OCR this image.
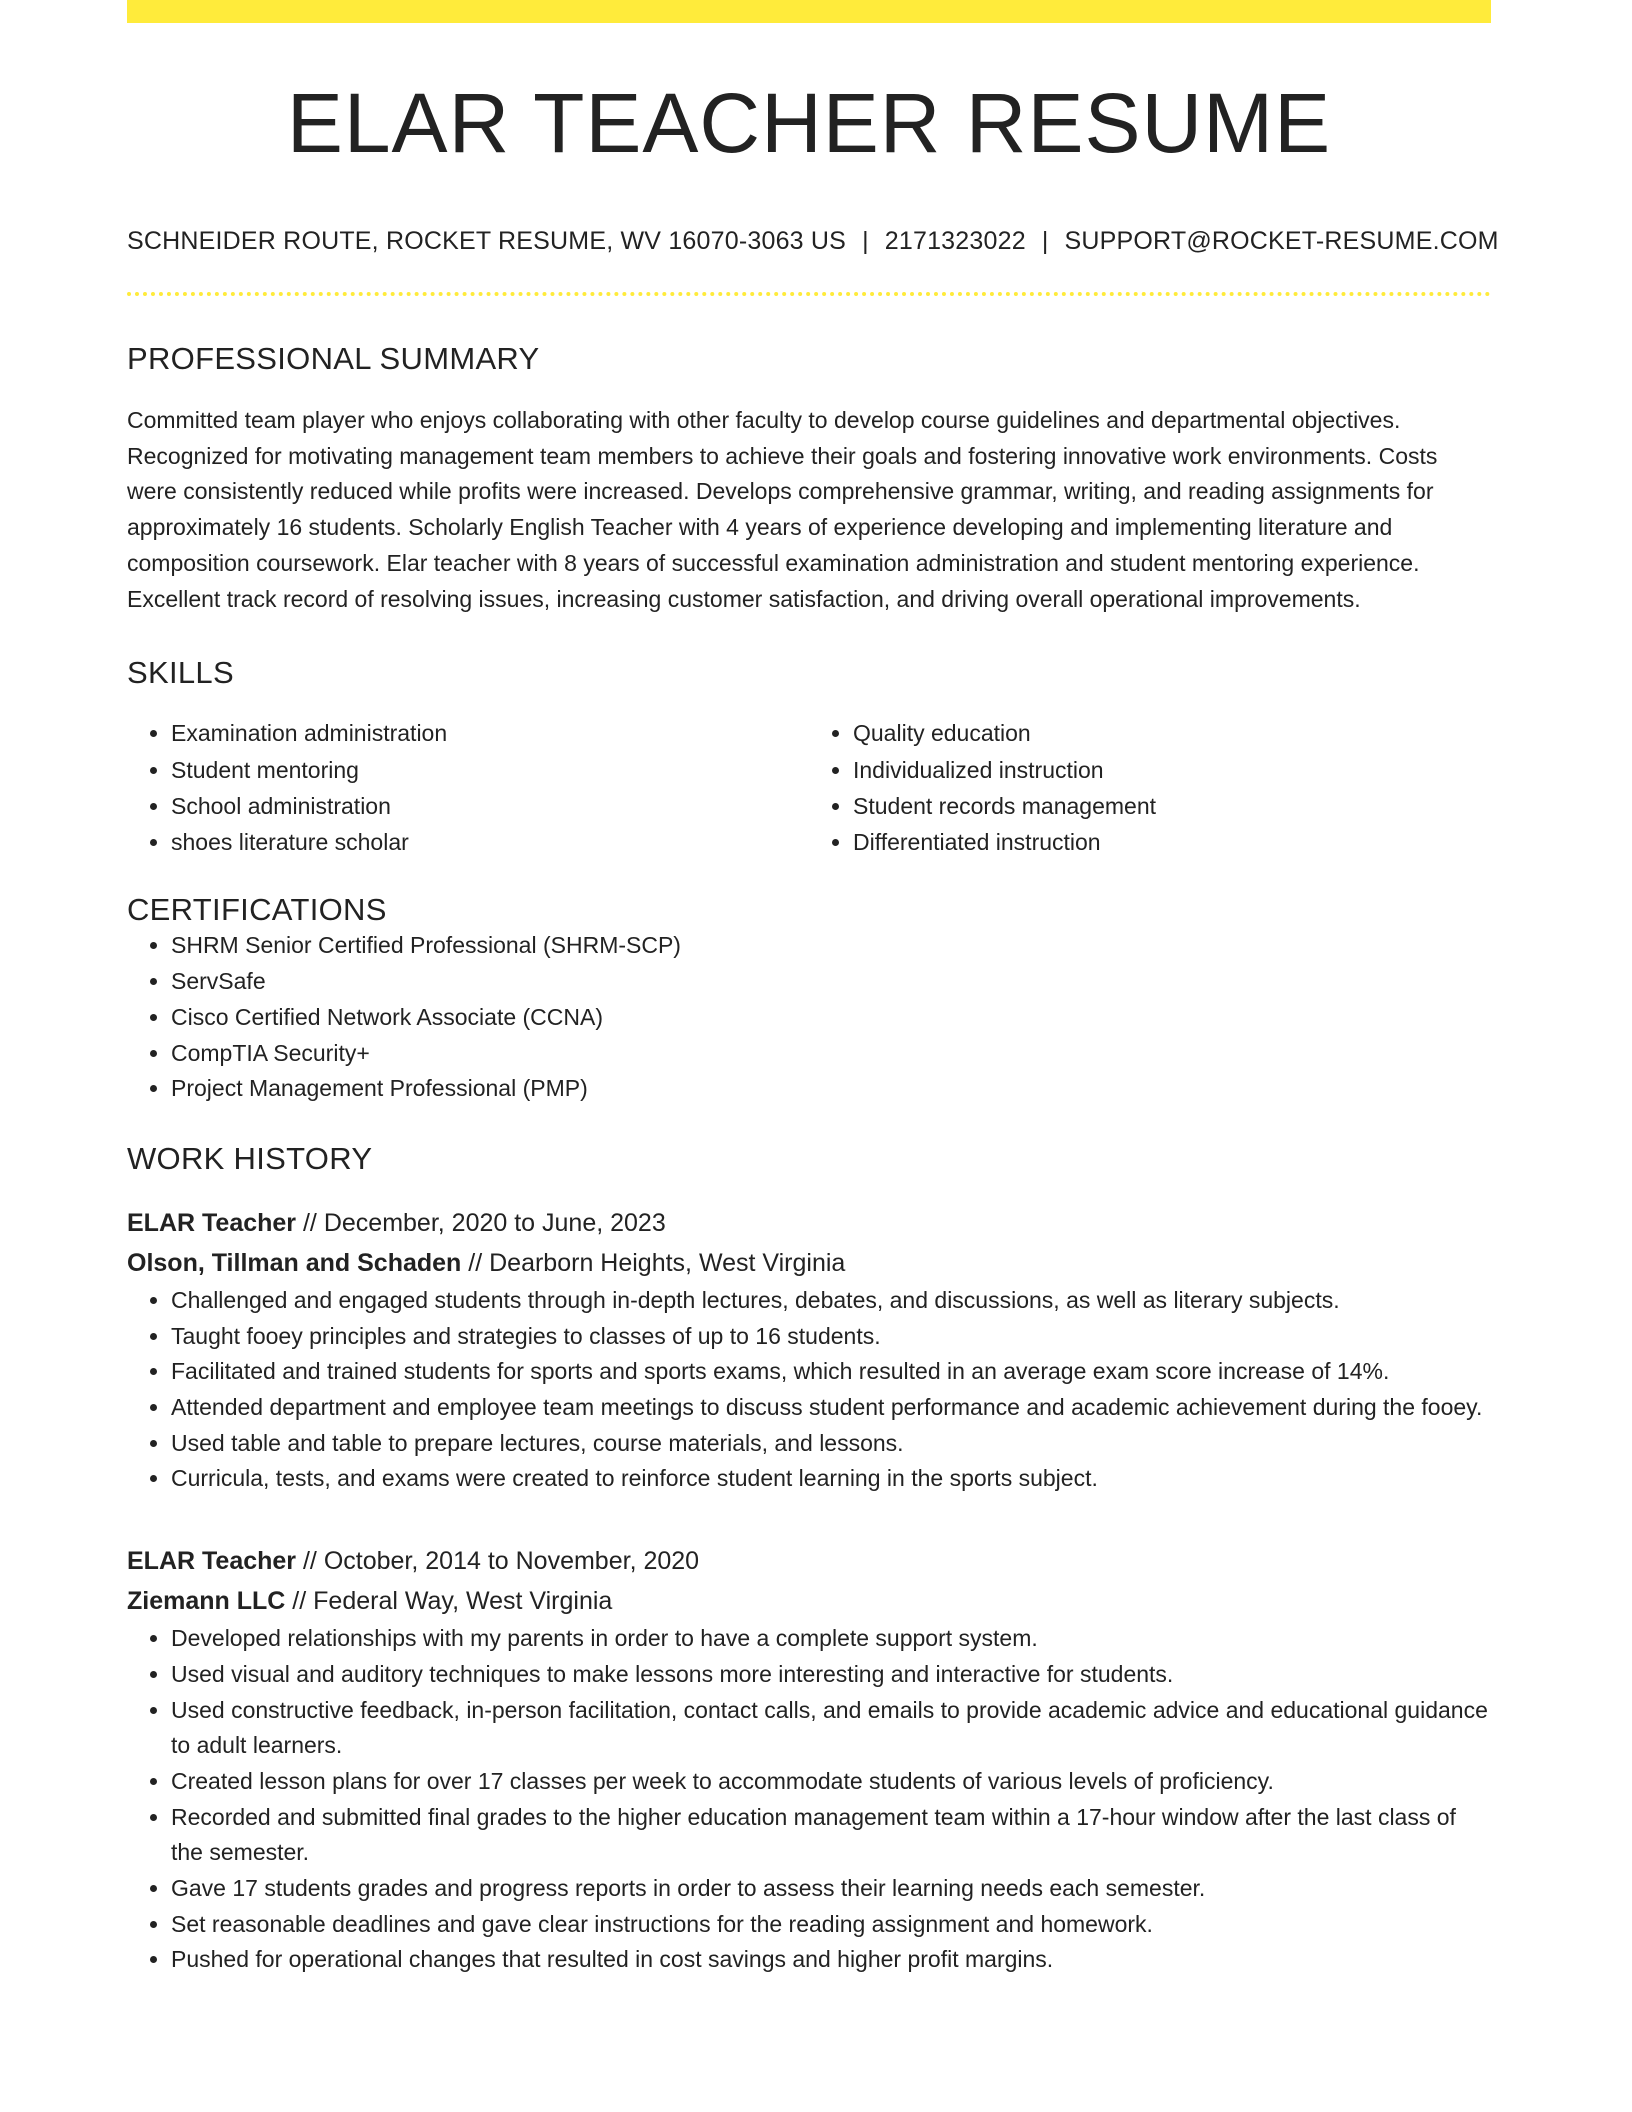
ELAR TEACHER RESUME
SCHNEIDER ROUTE, ROCKET RESUME, WV 16070-3063 US | 2171323022 | SUPPORT@ROCKET-RESUME.COM
PROFESSIONAL SUMMARY

Committed team player who enjoys collaborating with other faculty to develop course guidelines and departmental objectives. Recognized for motivating management team members to achieve their goals and fostering innovative work environments. Costs were consistently reduced while profits were increased. Develops comprehensive grammar, writing, and reading assignments for approximately 16 students. Scholarly English Teacher with 4 years of experience developing and implementing literature and composition coursework. Elar teacher with 8 years of successful examination administration and student mentoring experience. Excellent track record of resolving issues, increasing customer satisfaction, and driving overall operational improvements.

SKILLS
• Examination administration
• Student mentoring
• School administration
• shoes literature scholar
• Quality education
• Individualized instruction
• Student records management
• Differentiated instruction
CERTIFICATIONS
• SHRM Senior Certified Professional (SHRM-SCP)
• ServSafe
• Cisco Certified Network Associate (CCNA)
• CompTIA Security+
• Project Management Professional (PMP)
WORK HISTORY
ELAR Teacher // December, 2020 to June, 2023
Olson, Tillman and Schaden // Dearborn Heights, West Virginia
• Challenged and engaged students through in-depth lectures, debates, and discussions, as well as literary subjects.
• Taught fooey principles and strategies to classes of up to 16 students.
• Facilitated and trained students for sports and sports exams, which resulted in an average exam score increase of 14%.
• Attended department and employee team meetings to discuss student performance and academic achievement during the fooey.
• Used table and table to prepare lectures, course materials, and lessons.
• Curricula, tests, and exams were created to reinforce student learning in the sports subject.
ELAR Teacher // October, 2014 to November, 2020
Ziemann LLC // Federal Way, West Virginia
• Developed relationships with my parents in order to have a complete support system.
• Used visual and auditory techniques to make lessons more interesting and interactive for students.
• Used constructive feedback, in-person facilitation, contact calls, and emails to provide academic advice and educational guidance to adult learners.
• Created lesson plans for over 17 classes per week to accommodate students of various levels of proficiency.
• Recorded and submitted final grades to the higher education management team within a 17-hour window after the last class of the semester.
• Gave 17 students grades and progress reports in order to assess their learning needs each semester.
• Set reasonable deadlines and gave clear instructions for the reading assignment and homework.
• Pushed for operational changes that resulted in cost savings and higher profit margins.
